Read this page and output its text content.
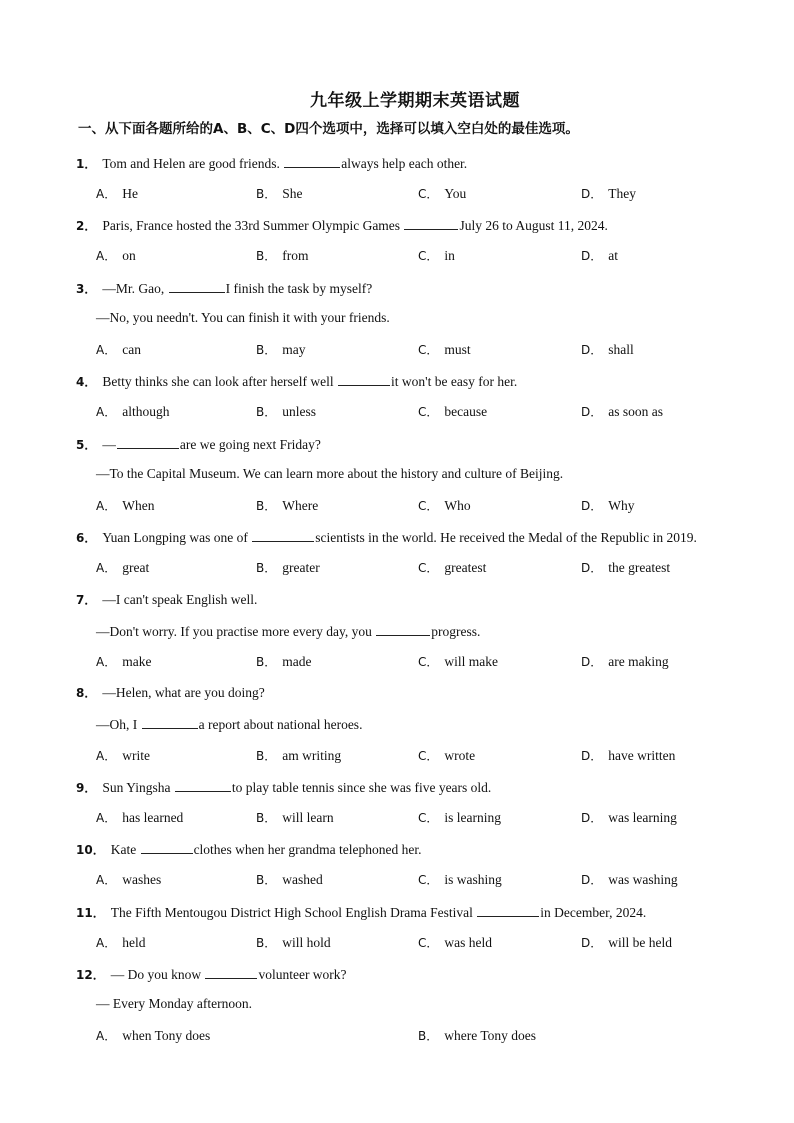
九年级上学期期末英语试题
一、从下面各题所给的A、B、C、D四个选项中，选择可以填入空白处的最佳选项。
1． Tom and Helen are good friends.	always help each other.
A． He	B． She	C． You	D． They
2． Paris, France hosted the 33rd Summer Olympic Games	July 26 to August 11, 2024.
A． on	B． from	C． in	D． at
3． —Mr. Gao,	I finish the task by myself?
—No, you needn't. You can finish it with your friends.
A． can	B． may	C． must	D． shall
4． Betty thinks she can look after herself well	it won't be easy for her.
A． although	B． unless	C． because	D． as soon as
5． —	are we going next Friday?
—To the Capital Museum. We can learn more about the history and culture of Beijing.
A． When	B． Where	C． Who	D． Why
6． Yuan Longping was one of	scientists in the world. He received the Medal of the Republic in 2019.
A． great	B． greater	C． greatest	D． the greatest
7． —I can't speak English well.
—Don't worry. If you practise more every day, you	progress.
A． make	B． made	C． will make	D． are making
8． —Helen, what are you doing?
—Oh, I	a report about national heroes.
A． write	B． am writing	C． wrote	D． have written
9． Sun Yingsha	to play table tennis since she was five years old.
A． has learned	B． will learn	C． is learning	D． was learning
10． Kate	clothes when her grandma telephoned her.
A． washes	B． washed	C． is washing	D． was washing
11． The Fifth Mentougou District High School English Drama Festival	in December, 2024.
A． held	B． will hold	C． was held	D． will be held
12． — Do you know	volunteer work?
— Every Monday afternoon.
A． when Tony does	B． where Tony does
